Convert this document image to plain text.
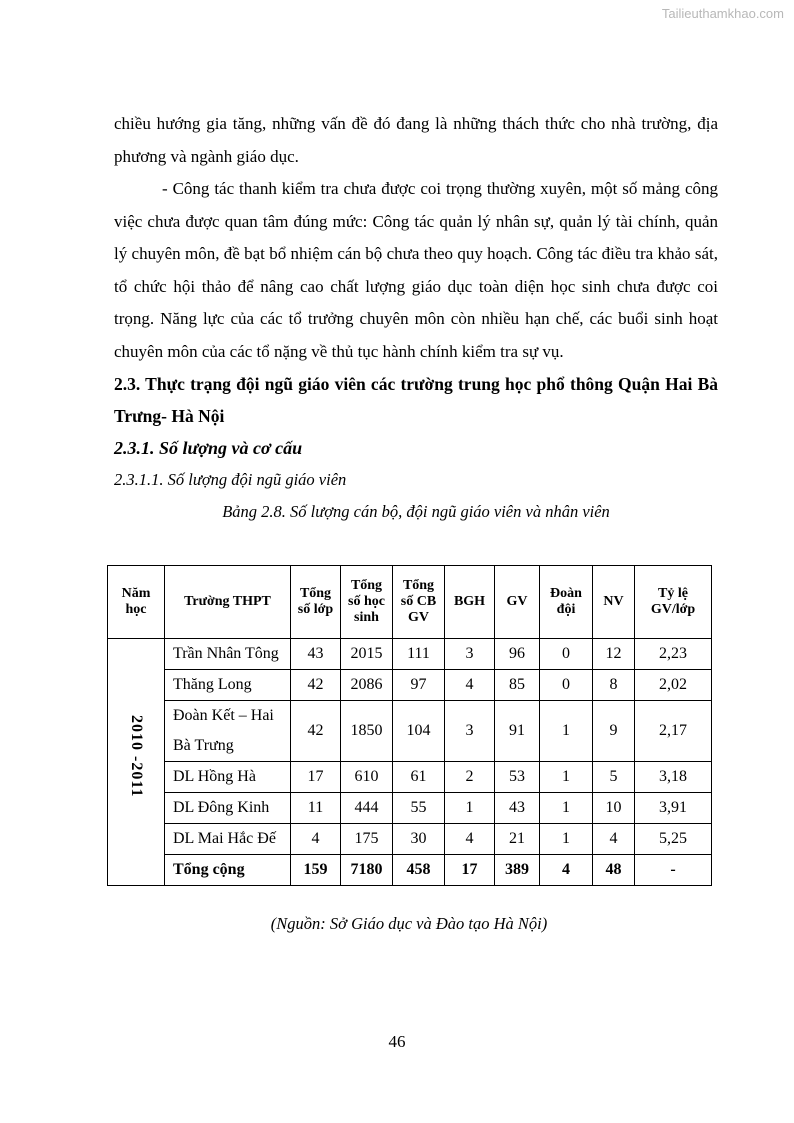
Tailieuthamkhao.com

chiều hướng gia tăng, những vấn đề đó đang là những thách thức cho nhà trường, địa phương và ngành giáo dục.

- Công tác thanh kiểm tra chưa được coi trọng thường xuyên, một số mảng công việc chưa được quan tâm đúng mức: Công tác quản lý nhân sự, quản lý tài chính, quản lý chuyên môn, đề bạt bổ nhiệm cán bộ chưa theo quy hoạch. Công tác điều tra khảo sát, tổ chức hội thảo để nâng cao chất lượng giáo dục toàn diện học sinh chưa được coi trọng. Năng lực của các tổ trưởng chuyên môn còn nhiều hạn chế, các buổi sinh hoạt chuyên môn của các tổ nặng về thủ tục hành chính kiểm tra sự vụ.

2.3. Thực trạng đội ngũ giáo viên các trường trung học phổ thông Quận Hai Bà Trưng- Hà Nội
2.3.1. Số lượng và cơ cấu
2.3.1.1. Số lượng đội ngũ giáo viên

Bảng 2.8. Số lượng cán bộ, đội ngũ giáo viên và nhân viên

Năm học	Trường THPT	Tổng số lớp	Tổng số học sinh	Tổng số CB GV	BGH	GV	Đoàn đội	NV	Tỷ lệ GV/lớp
2010 -2011	Trần Nhân Tông	43	2015	111	3	96	0	12	2,23
	Thăng Long	42	2086	97	4	85	0	8	2,02
	Đoàn Kết – Hai Bà Trưng	42	1850	104	3	91	1	9	2,17
	DL Hồng Hà	17	610	61	2	53	1	5	3,18
	DL Đông Kinh	11	444	55	1	43	1	10	3,91
	DL Mai Hắc Đế	4	175	30	4	21	1	4	5,25
	Tổng cộng	159	7180	458	17	389	4	48	-
(Nguồn: Sở Giáo dục và Đào tạo Hà Nội)
46
